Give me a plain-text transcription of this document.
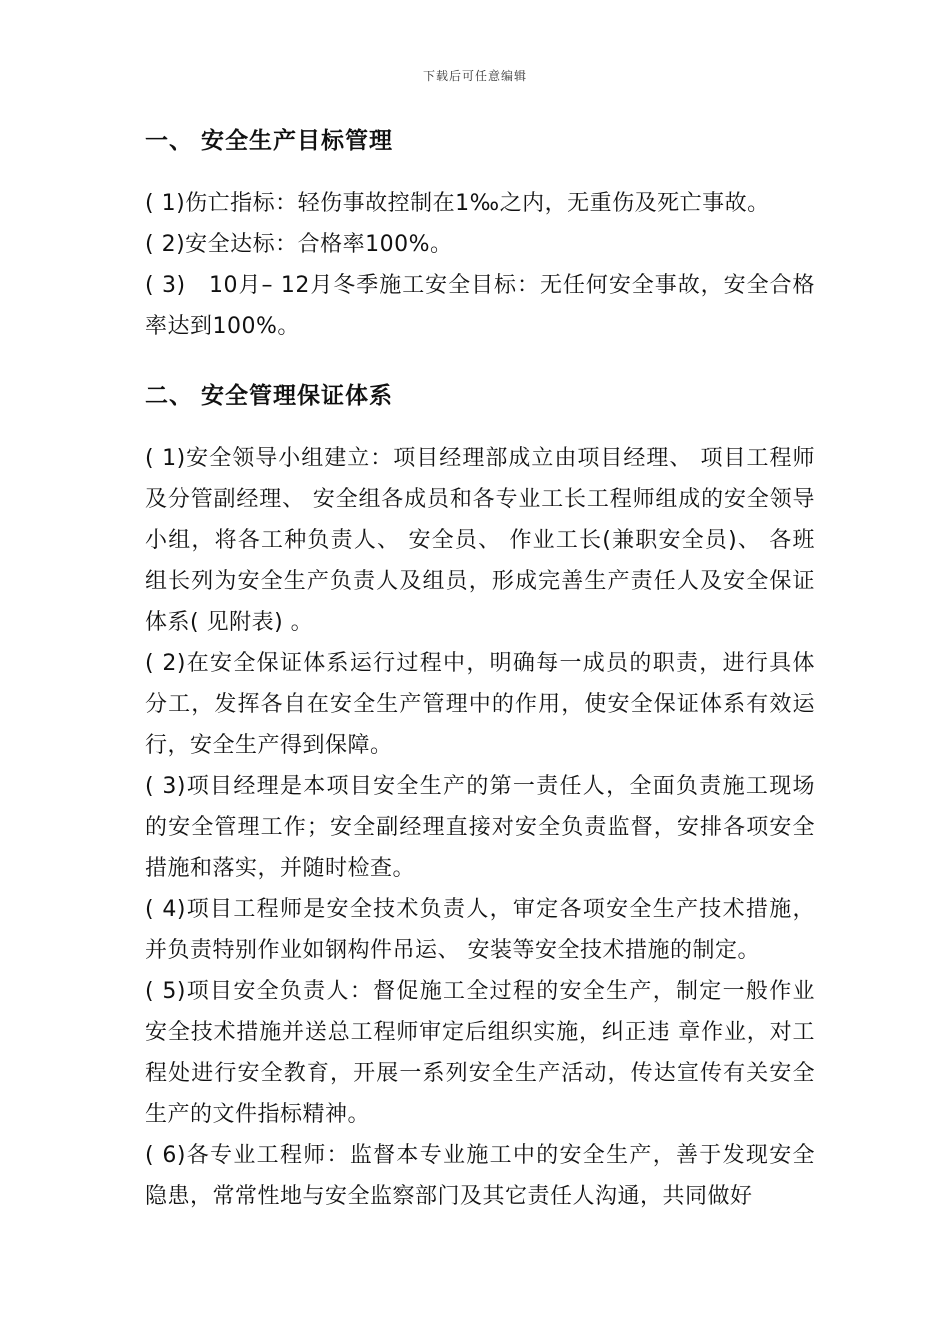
下载后可任意编辑
一、 安全生产目标管理

( 1)伤亡指标：轻伤事故控制在1‰之内，无重伤及死亡事故。

( 2)安全达标：合格率100%。

( 3)　10月– 12月冬季施工安全目标：无任何安全事故，安全合格率达到100%。

二、 安全管理保证体系

( 1)安全领导小组建立：项目经理部成立由项目经理、 项目工程师及分管副经理、 安全组各成员和各专业工长工程师组成的安全领导小组，将各工种负责人、 安全员、 作业工长(兼职安全员)、 各班组长列为安全生产负责人及组员，形成完善生产责任人及安全保证体系( 见附表) 。

( 2)在安全保证体系运行过程中，明确每一成员的职责，进行具体分工，发挥各自在安全生产管理中的作用，使安全保证体系有效运行，安全生产得到保障。

( 3)项目经理是本项目安全生产的第一责任人，全面负责施工现场的安全管理工作；安全副经理直接对安全负责监督，安排各项安全措施和落实，并随时检查。

( 4)项目工程师是安全技术负责人，审定各项安全生产技术措施，并负责特别作业如钢构件吊运、 安装等安全技术措施的制定。

( 5)项目安全负责人：督促施工全过程的安全生产，制定一般作业安全技术措施并送总工程师审定后组织实施，纠正违 章作业，对工程处进行安全教育，开展一系列安全生产活动，传达宣传有关安全生产的文件指标精神。

( 6)各专业工程师：监督本专业施工中的安全生产，善于发现安全隐患，常常性地与安全监察部门及其它责任人沟通，共同做好
